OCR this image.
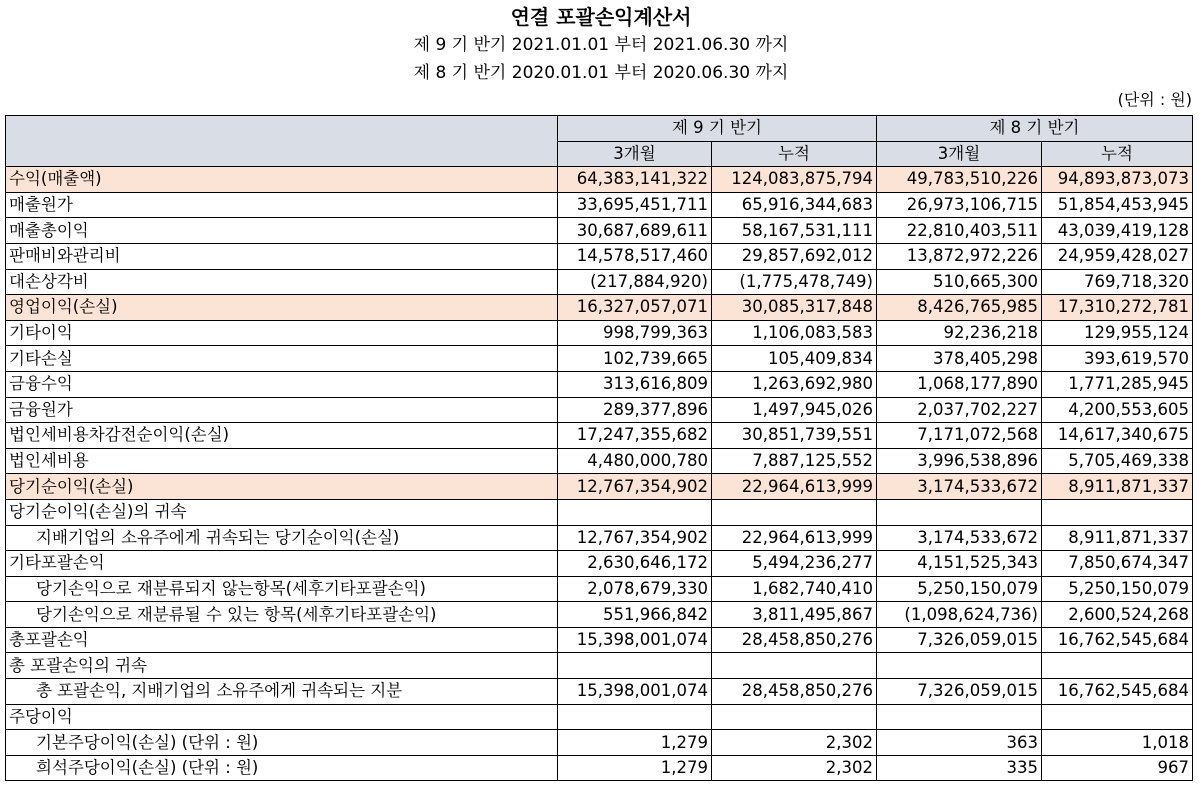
연결 포괄손익계산서
제 9 기 반기 2021.01.01 부터 2021.06.30 까지
제 8 기 반기 2020.01.01 부터 2020.06.30 까지
(단위 : 원)
	제 9 기 반기		제 8 기 반기	
	3개월	누적	3개월	누적
수익(매출액)	64,383,141,322	124,083,875,794	49,783,510,226	94,893,873,073
매출원가	33,695,451,711	65,916,344,683	26,973,106,715	51,854,453,945
매출총이익	30,687,689,611	58,167,531,111	22,810,403,511	43,039,419,128
판매비와관리비	14,578,517,460	29,857,692,012	13,872,972,226	24,959,428,027
대손상각비	(217,884,920)	(1,775,478,749)	510,665,300	769,718,320
영업이익(손실)	16,327,057,071	30,085,317,848	8,426,765,985	17,310,272,781
기타이익	998,799,363	1,106,083,583	92,236,218	129,955,124
기타손실	102,739,665	105,409,834	378,405,298	393,619,570
금융수익	313,616,809	1,263,692,980	1,068,177,890	1,771,285,945
금융원가	289,377,896	1,497,945,026	2,037,702,227	4,200,553,605
법인세비용차감전순이익(손실)	17,247,355,682	30,851,739,551	7,171,072,568	14,617,340,675
법인세비용	4,480,000,780	7,887,125,552	3,996,538,896	5,705,469,338
당기순이익(손실)	12,767,354,902	22,964,613,999	3,174,533,672	8,911,871,337
당기순이익(손실)의 귀속				
지배기업의 소유주에게 귀속되는 당기순이익(손실)	12,767,354,902	22,964,613,999	3,174,533,672	8,911,871,337
기타포괄손익	2,630,646,172	5,494,236,277	4,151,525,343	7,850,674,347
당기손익으로 재분류되지 않는항목(세후기타포괄손익)	2,078,679,330	1,682,740,410	5,250,150,079	5,250,150,079
당기손익으로 재분류될 수 있는 항목(세후기타포괄손익)	551,966,842	3,811,495,867	(1,098,624,736)	2,600,524,268
총포괄손익	15,398,001,074	28,458,850,276	7,326,059,015	16,762,545,684
총 포괄손익의 귀속				
총 포괄손익, 지배기업의 소유주에게 귀속되는 지분	15,398,001,074	28,458,850,276	7,326,059,015	16,762,545,684
주당이익				
기본주당이익(손실) (단위 : 원)	1,279	2,302	363	1,018
희석주당이익(손실) (단위 : 원)	1,279	2,302	335	967
